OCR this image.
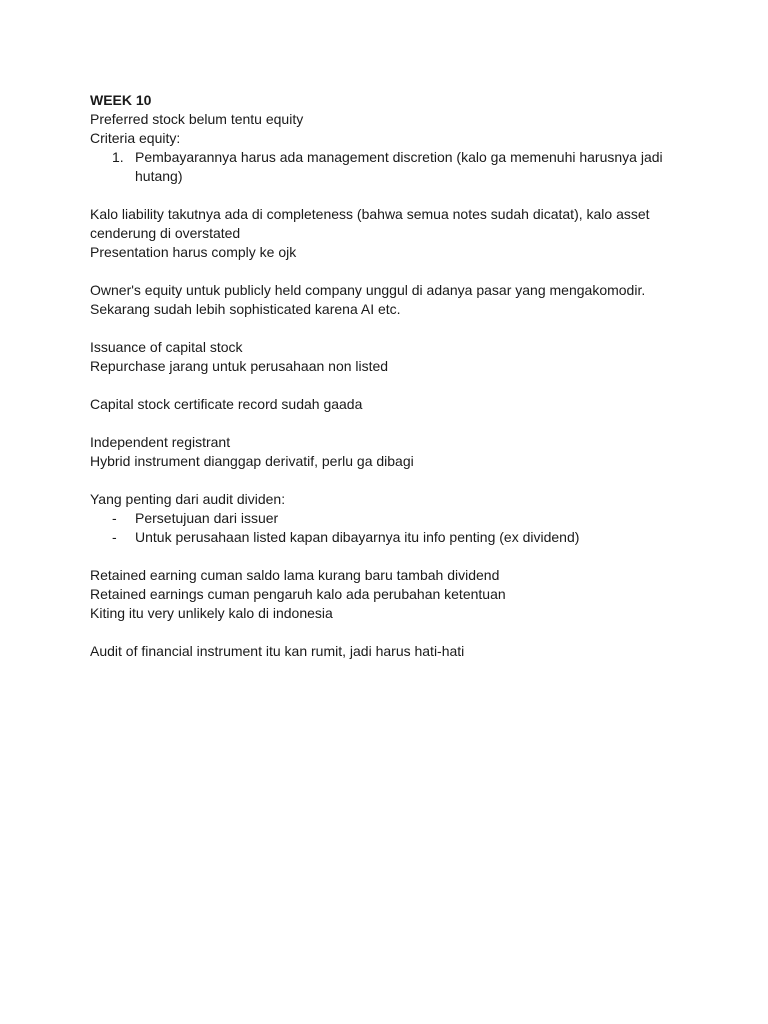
WEEK 10

Preferred stock belum tentu equity

Criteria equity:

1. Pembayarannya harus ada management discretion (kalo ga memenuhi harusnya jadi hutang)

Kalo liability takutnya ada di completeness (bahwa semua notes sudah dicatat), kalo asset cenderung di overstated

Presentation harus comply ke ojk

Owner's equity untuk publicly held company unggul di adanya pasar yang mengakomodir.

Sekarang sudah lebih sophisticated karena AI etc.

Issuance of capital stock

Repurchase jarang untuk perusahaan non listed

Capital stock certificate record sudah gaada

Independent registrant

Hybrid instrument dianggap derivatif, perlu ga dibagi

Yang penting dari audit dividen:

- Persetujuan dari issuer
- Untuk perusahaan listed kapan dibayarnya itu info penting (ex dividend)

Retained earning cuman saldo lama kurang baru tambah dividend

Retained earnings cuman pengaruh kalo ada perubahan ketentuan

Kiting itu very unlikely kalo di indonesia

Audit of financial instrument itu kan rumit, jadi harus hati-hati
